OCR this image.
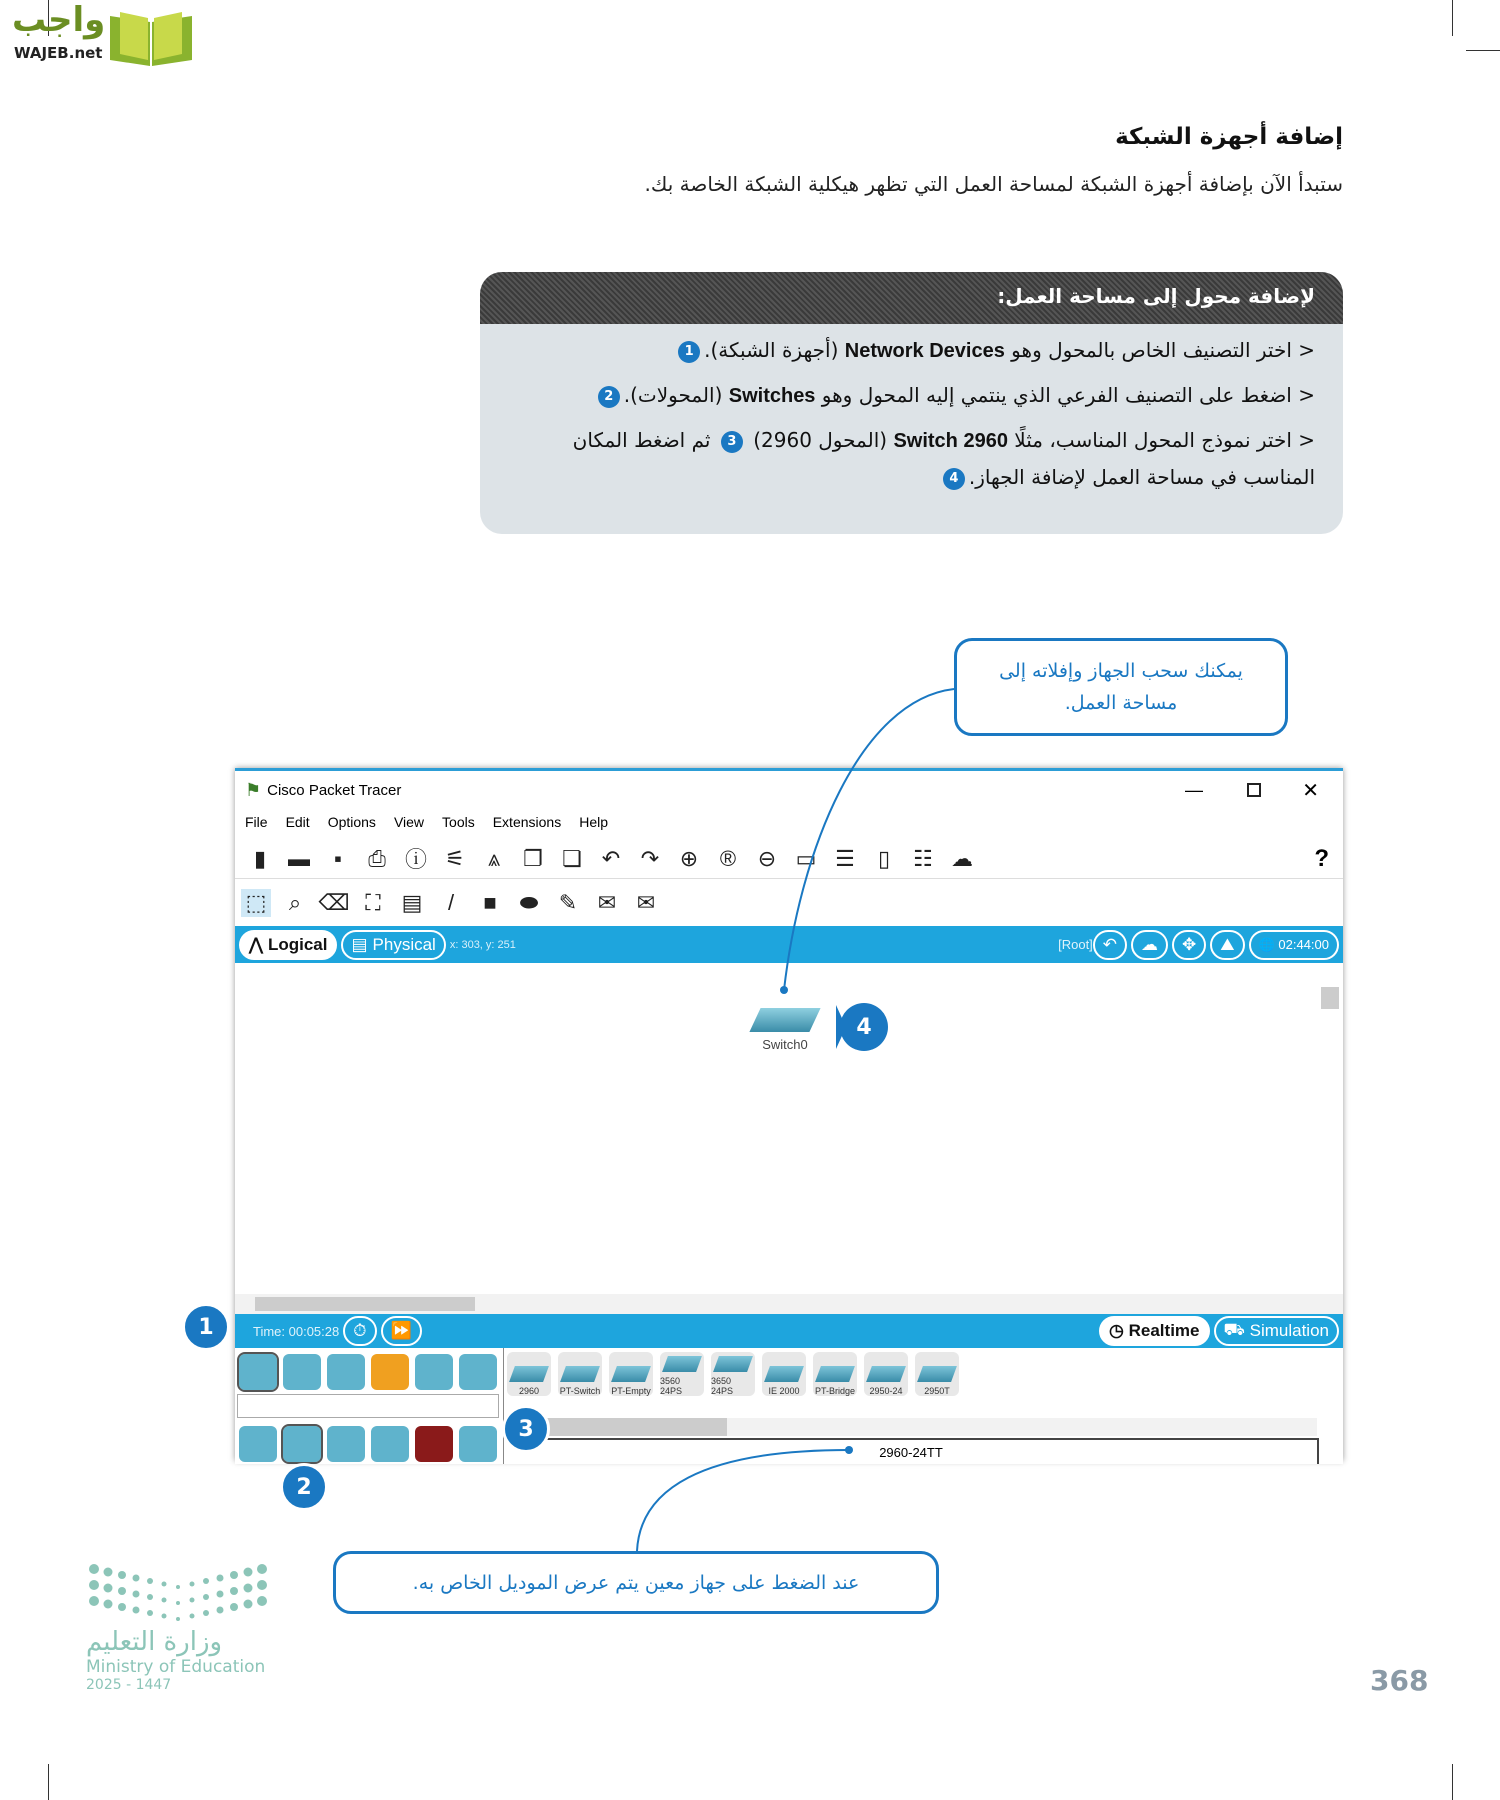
واجب
WAJEB.net
إضافة أجهزة الشبكة

ستبدأ الآن بإضافة أجهزة الشبكة لمساحة العمل التي تظهر هيكلية الشبكة الخاصة بك.

لإضافة محول إلى مساحة العمل:
< اختر التصنيف الخاص بالمحول وهو Network Devices (أجهزة الشبكة).1
< اضغط على التصنيف الفرعي الذي ينتمي إليه المحول وهو Switches (المحولات).2
< اختر نموذج المحول المناسب، مثلًا Switch 2960 (المحول 2960) 3 ثم اضغط المكان المناسب في مساحة العمل لإضافة الجهاز.4
يمكنك سحب الجهاز وإفلاته إلى مساحة العمل.
⚑ Cisco Packet Tracer	—	✕
File Edit Options View Tools Extensions Help
▮ ▬	▪	⎙ ⓘ ⚟	⩓	❐ ❏ ↶ ↷ ⊕ ® ⊖ ▭ ☰	▯	☷ ☁	?
⬚	⌕ ⌫ ⛶ ▤	/	■	⬬ ✎ ✉ ✉
⋀ Logical ▤ Physical x: 303, y: 251	[Root] ↶	☁	✥	⛰	🌐
02:44:00
Switch0
Time: 00:05:28 ⏱	⏩	◷
Realtime ⛟
Simulation
2960 PT-Switch PT-Empty
3560 24PS
3650 24PS	IE 2000 PT-Bridge 2950-24 2950T
2960-24TT
4
1
2
3
عند الضغط على جهاز معين يتم عرض الموديل الخاص به.
وزارة التعليم
Ministry of Education
2025 - 1447	368
